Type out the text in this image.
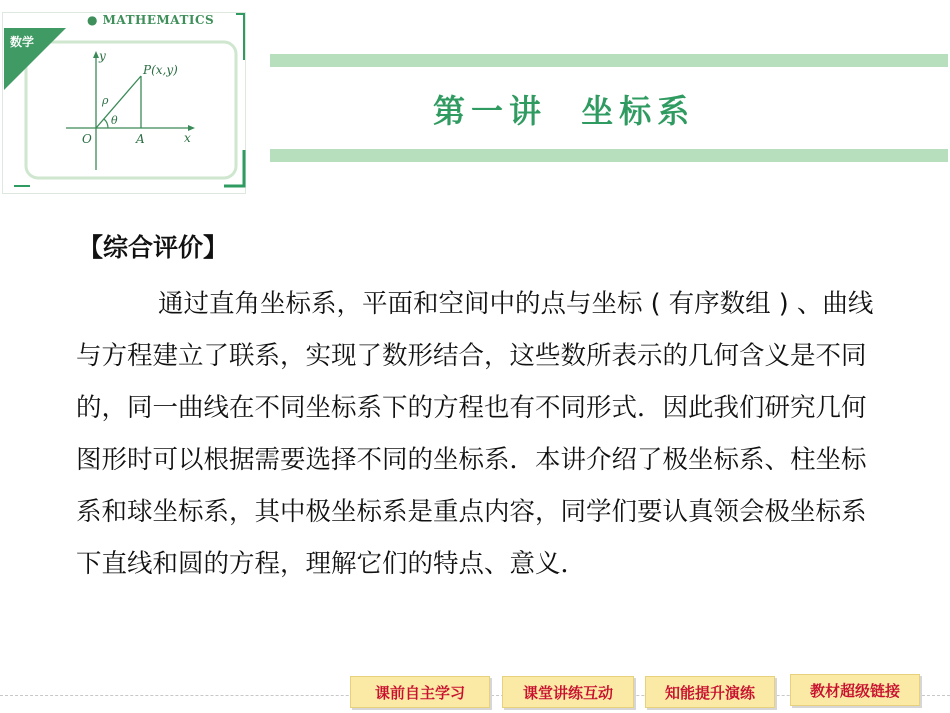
P(x,y)
ρ
θ
O	A	x
y
● MATHEMATICS
数学
第一讲  坐标系
【综合评价】

通过直角坐标系，平面和空间中的点与坐标 ( 有序数组 ) 、曲线与方程建立了联系，实现了数形结合，这些数所表示的几何含义是不同的，同一曲线在不同坐标系下的方程也有不同形式．因此我们研究几何图形时可以根据需要选择不同的坐标系．本讲介绍了极坐标系、柱坐标系和球坐标系，其中极坐标系是重点内容，同学们要认真领会极坐标系下直线和圆的方程，理解它们的特点、意义．

课前自主学习	课堂讲练互动	知能提升演练	教材超级链接
